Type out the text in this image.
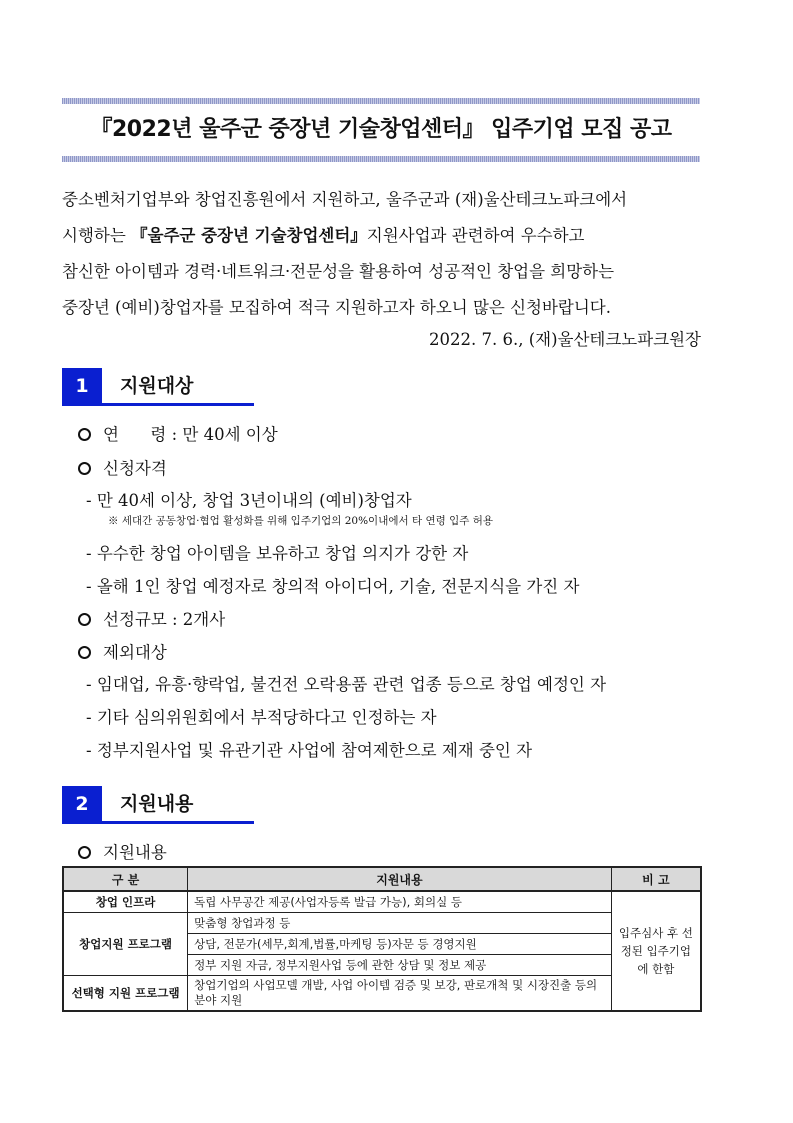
『2022년 울주군 중장년 기술창업센터』 입주기업 모집 공고
중소벤처기업부와 창업진흥원에서 지원하고, 울주군과 (재)울산테크노파크에서
시행하는 『울주군 중장년 기술창업센터』지원사업과 관련하여 우수하고
참신한 아이템과 경력·네트워크·전문성을 활용하여 성공적인 창업을 희망하는
중장년 (예비)창업자를 모집하여 적극 지원하고자 하오니 많은 신청바랍니다.
2022. 7. 6., (재)울산테크노파크원장
1	지원대상
연      령 : 만 40세 이상
신청자격
- 만 40세 이상, 창업 3년이내의 (예비)창업자
※ 세대간 공동창업·협업 활성화를 위해 입주기업의 20%이내에서 타 연령 입주 허용
- 우수한 창업 아이템을 보유하고 창업 의지가 강한 자
- 올해 1인 창업 예정자로 창의적 아이디어, 기술, 전문지식을 가진 자
선정규모 : 2개사
제외대상
- 임대업, 유흥·향락업, 불건전 오락용품 관련 업종 등으로 창업 예정인 자
- 기타 심의위원회에서 부적당하다고 인정하는 자
- 정부지원사업 및 유관기관 사업에 참여제한으로 제재 중인 자
2	지원내용
지원내용
구 분	지원내용	비 고
창업 인프라	독립 사무공간 제공(사업자등록 발급 가능), 회의실 등	입주심사 후 선정된 입주기업에 한함
창업지원 프로그램	맞춤형 창업과정 등	
	상담, 전문가(세무,회계,법률,마케팅 등)자문 등 경영지원	
	정부 지원 자금, 정부지원사업 등에 관한 상담 및 정보 제공	
선택형 지원 프로그램	창업기업의 사업모델 개발, 사업 아이템 검증 및 보강, 판로개척 및 시장진출 등의 분야 지원	
